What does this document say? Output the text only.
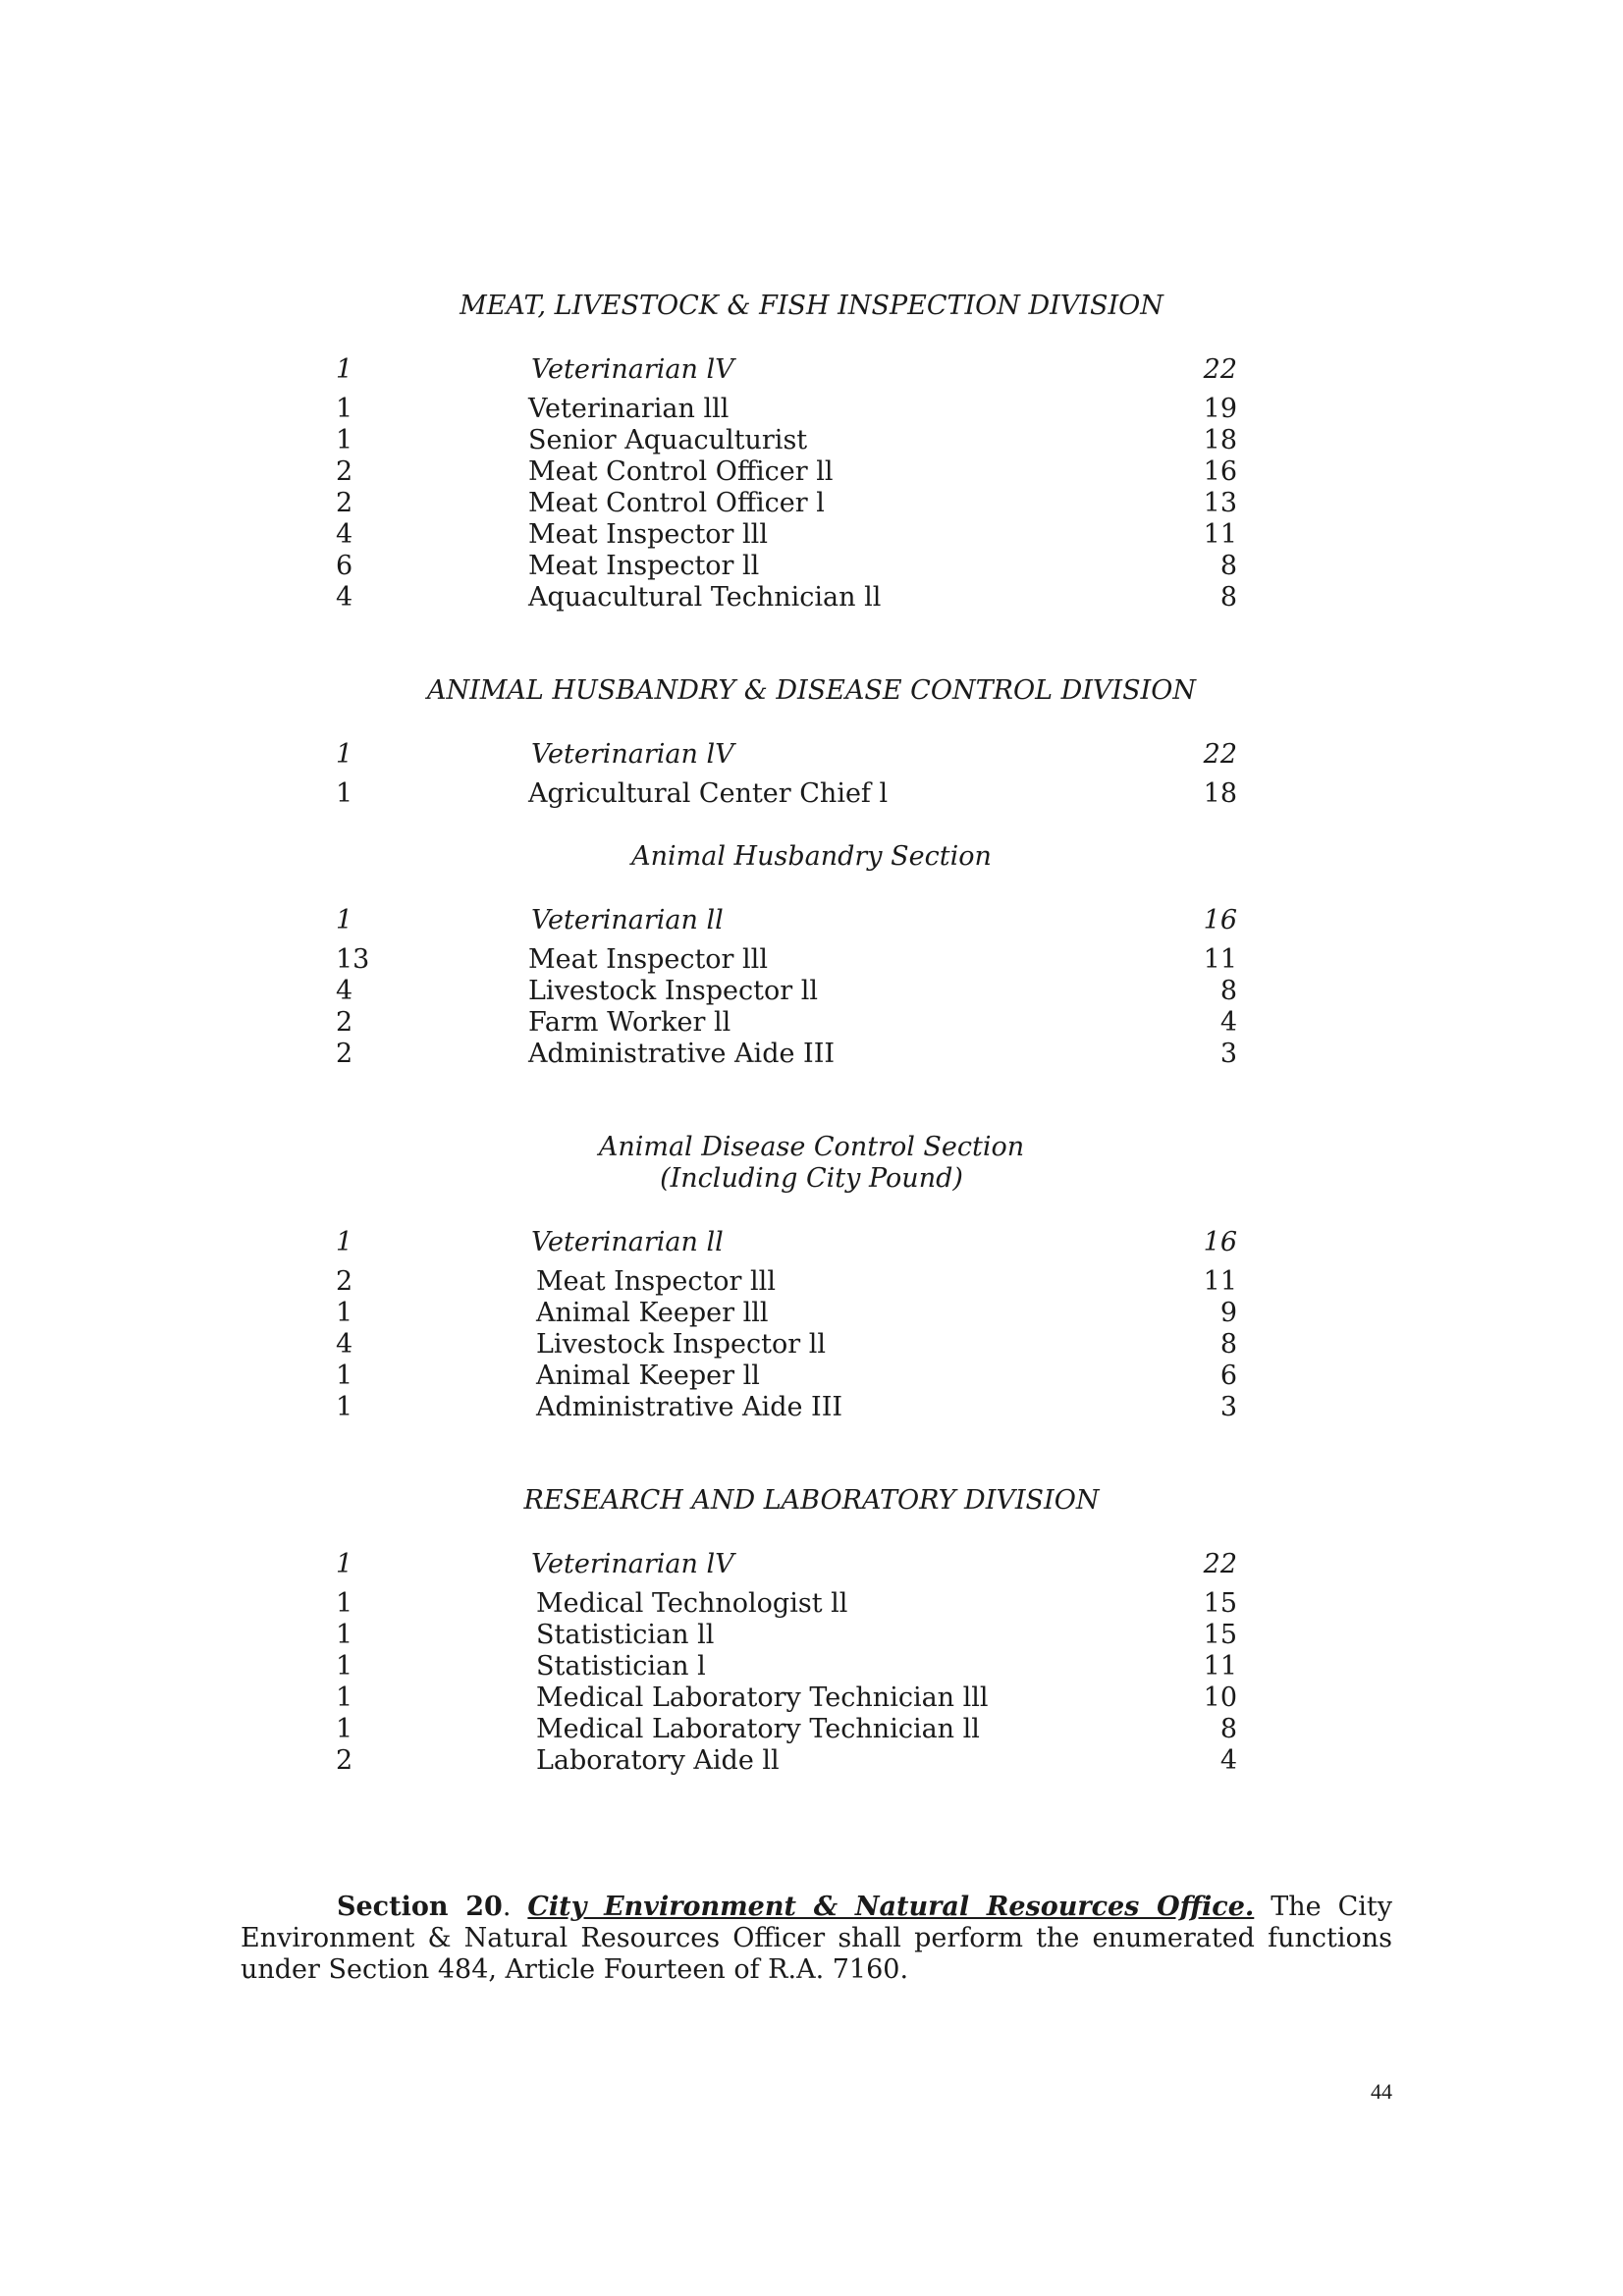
MEAT, LIVESTOCK & FISH INSPECTION DIVISION
1	Veterinarian lV	22
1	Veterinarian lll	19
1	Senior Aquaculturist	18
2	Meat Control Officer ll	16
2	Meat Control Officer l	13
4	Meat Inspector lll	11
6	Meat Inspector ll	8
4	Aquacultural Technician ll	8
ANIMAL HUSBANDRY & DISEASE CONTROL DIVISION
1	Veterinarian lV	22
1	Agricultural Center Chief l	18
Animal Husbandry Section
1	Veterinarian ll	16
13	Meat Inspector lll	11
4	Livestock Inspector ll	8
2	Farm Worker ll	4
2	Administrative Aide III	3
Animal Disease Control Section
(Including City Pound)
1	Veterinarian ll	16
2	Meat Inspector lll	11
1	Animal Keeper lll	9
4	Livestock Inspector ll	8
1	Animal Keeper ll	6
1	Administrative Aide III	3
RESEARCH AND LABORATORY DIVISION
1	Veterinarian lV	22
1	Medical Technologist ll	15
1	Statistician ll	15
1	Statistician l	11
1	Medical Laboratory Technician lll	10
1	Medical Laboratory Technician ll	8
2	Laboratory Aide ll	4

Section 20. City Environment & Natural Resources Office. The City Environment & Natural Resources Officer shall perform the enumerated functions under Section 484, Article Fourteen of R.A. 7160.

44
